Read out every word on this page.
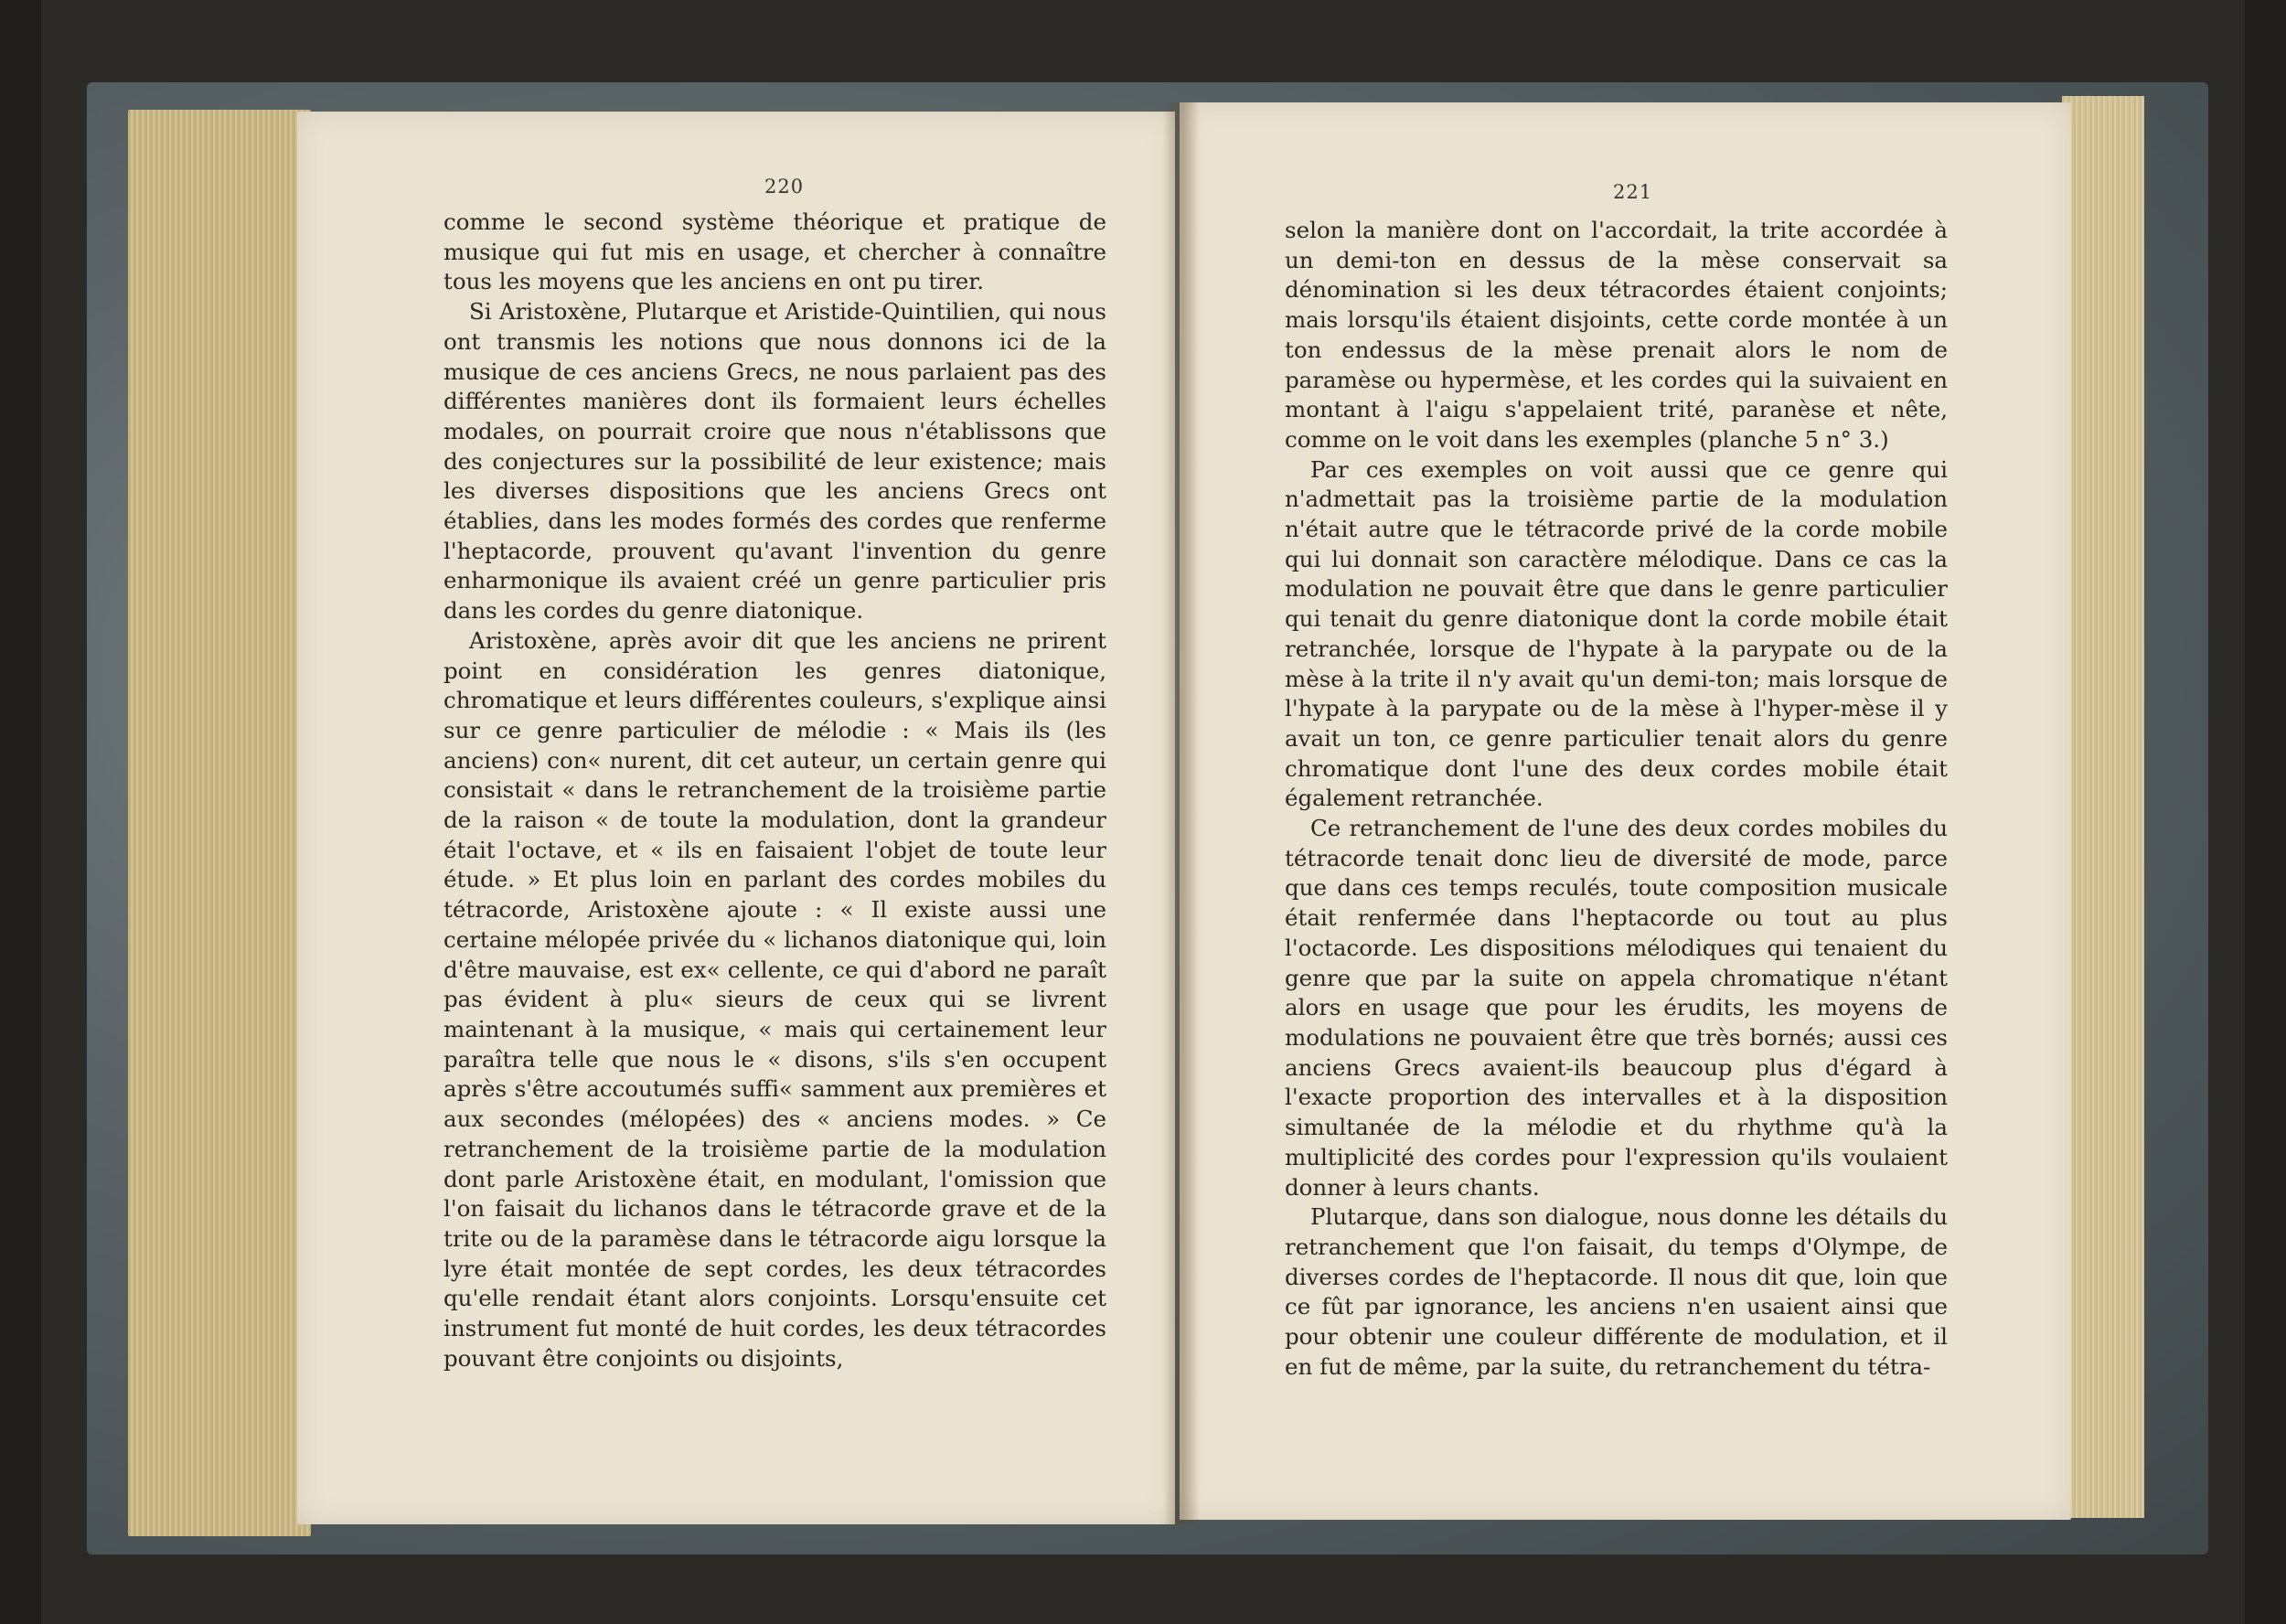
220	221

comme le second système théorique et pratique de musique qui fut mis en usage, et chercher à connaître tous les moyens que les anciens en ont pu tirer.

Si Aristoxène, Plutarque et Aristide-Quintilien, qui nous ont transmis les notions que nous donnons ici de la musique de ces anciens Grecs, ne nous parlaient pas des différentes manières dont ils formaient leurs échelles modales, on pourrait croire que nous n'établissons que des conjectures sur la possibilité de leur existence; mais les diverses dispositions que les anciens Grecs ont établies, dans les modes formés des cordes que renferme l'heptacorde, prouvent qu'avant l'invention du genre enharmonique ils avaient créé un genre particulier pris dans les cordes du genre diatonique.

Aristoxène, après avoir dit que les anciens ne prirent point en considération les genres diatonique, chromatique et leurs différentes couleurs, s'explique ainsi sur ce genre particulier de mélodie : « Mais ils (les anciens) con« nurent, dit cet auteur, un certain genre qui consistait « dans le retranchement de la troisième partie de la raison « de toute la modulation, dont la grandeur était l'octave, et « ils en faisaient l'objet de toute leur étude. » Et plus loin en parlant des cordes mobiles du tétracorde, Aristoxène ajoute : « Il existe aussi une certaine mélopée privée du « lichanos diatonique qui, loin d'être mauvaise, est ex« cellente, ce qui d'abord ne paraît pas évident à plu« sieurs de ceux qui se livrent maintenant à la musique, « mais qui certainement leur paraîtra telle que nous le « disons, s'ils s'en occupent après s'être accoutumés suffi« samment aux premières et aux secondes (mélopées) des « anciens modes. » Ce retranchement de la troisième partie de la modulation dont parle Aristoxène était, en modulant, l'omission que l'on faisait du lichanos dans le tétracorde grave et de la trite ou de la paramèse dans le tétracorde aigu lorsque la lyre était montée de sept cordes, les deux tétracordes qu'elle rendait étant alors conjoints. Lorsqu'ensuite cet instrument fut monté de huit cordes, les deux tétracordes pouvant être conjoints ou disjoints,

selon la manière dont on l'accordait, la trite accordée à un demi-ton en dessus de la mèse conservait sa dénomination si les deux tétracordes étaient conjoints; mais lorsqu'ils étaient disjoints, cette corde montée à un ton endessus de la mèse prenait alors le nom de paramèse ou hypermèse, et les cordes qui la suivaient en montant à l'aigu s'appelaient trité, paranèse et nête, comme on le voit dans les exemples (planche 5 n° 3.)

Par ces exemples on voit aussi que ce genre qui n'admettait pas la troisième partie de la modulation n'était autre que le tétracorde privé de la corde mobile qui lui donnait son caractère mélodique. Dans ce cas la modulation ne pouvait être que dans le genre particulier qui tenait du genre diatonique dont la corde mobile était retranchée, lorsque de l'hypate à la parypate ou de la mèse à la trite il n'y avait qu'un demi-ton; mais lorsque de l'hypate à la parypate ou de la mèse à l'hyper-mèse il y avait un ton, ce genre particulier tenait alors du genre chromatique dont l'une des deux cordes mobile était également retranchée.

Ce retranchement de l'une des deux cordes mobiles du tétracorde tenait donc lieu de diversité de mode, parce que dans ces temps reculés, toute composition musicale était renfermée dans l'heptacorde ou tout au plus l'octacorde. Les dispositions mélodiques qui tenaient du genre que par la suite on appela chromatique n'étant alors en usage que pour les érudits, les moyens de modulations ne pouvaient être que très bornés; aussi ces anciens Grecs avaient-ils beaucoup plus d'égard à l'exacte proportion des intervalles et à la disposition simultanée de la mélodie et du rhythme qu'à la multiplicité des cordes pour l'expression qu'ils voulaient donner à leurs chants.

Plutarque, dans son dialogue, nous donne les détails du retranchement que l'on faisait, du temps d'Olympe, de diverses cordes de l'heptacorde. Il nous dit que, loin que ce fût par ignorance, les anciens n'en usaient ainsi que pour obtenir une couleur différente de modulation, et il en fut de même, par la suite, du retranchement du tétra-
